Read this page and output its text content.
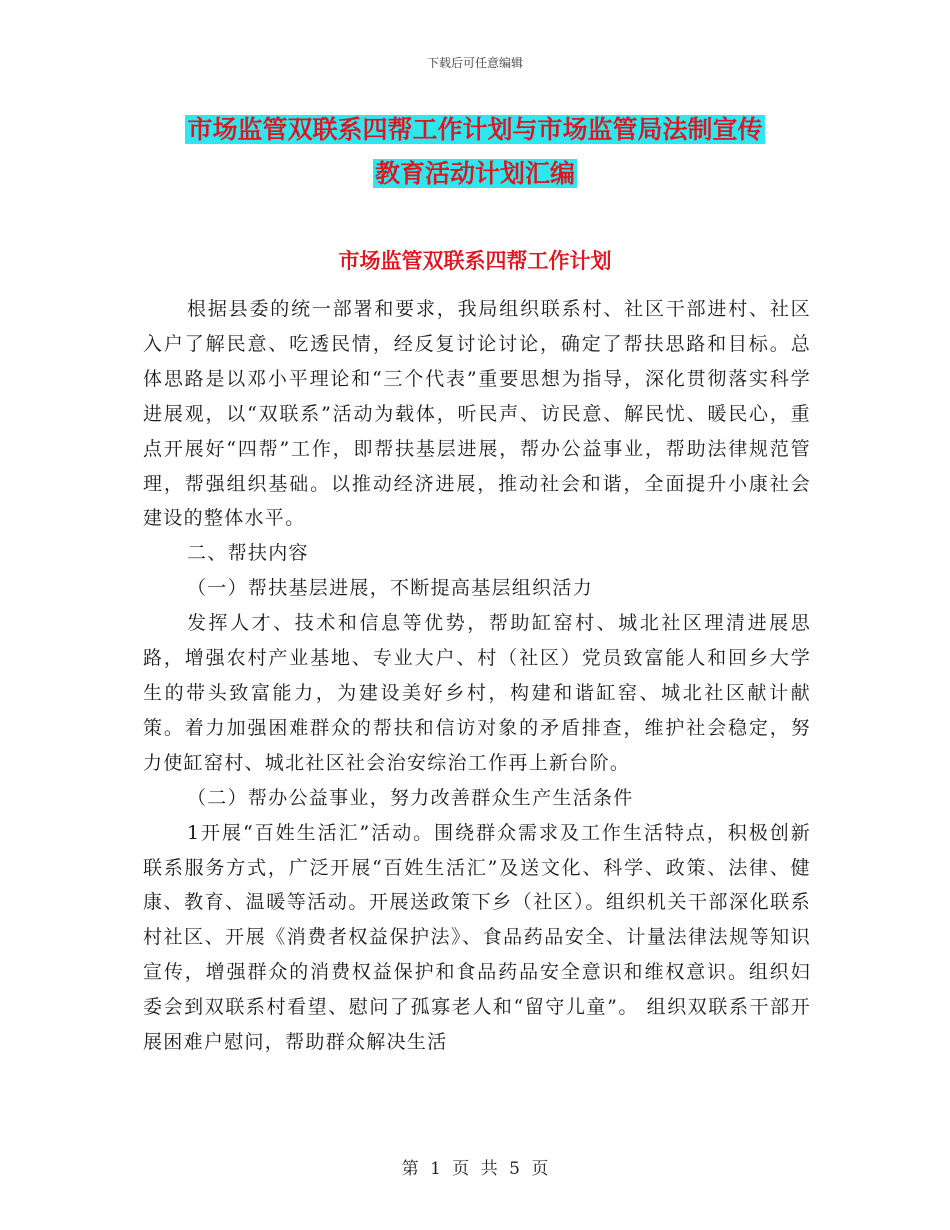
下载后可任意编辑
市场监管双联系四帮工作计划与市场监管局法制宣传
教育活动计划汇编
市场监管双联系四帮工作计划

根据县委的统一部署和要求，我局组织联系村、社区干部进村、社区入户了解民意、吃透民情，经反复讨论讨论，确定了帮扶思路和目标。总体思路是以邓小平理论和“三个代表”重要思想为指导，深化贯彻落实科学进展观，以“双联系”活动为载体，听民声、访民意、解民忧、暖民心，重点开展好“四帮”工作，即帮扶基层进展，帮办公益事业，帮助法律规范管理，帮强组织基础。以推动经济进展，推动社会和谐，全面提升小康社会建设的整体水平。

二、帮扶内容

（一）帮扶基层进展，不断提高基层组织活力

发挥人才、技术和信息等优势，帮助缸窑村、城北社区理清进展思路，增强农村产业基地、专业大户、村（社区）党员致富能人和回乡大学生的带头致富能力，为建设美好乡村，构建和谐缸窑、城北社区献计献策。着力加强困难群众的帮扶和信访对象的矛盾排查，维护社会稳定，努力使缸窑村、城北社区社会治安综治工作再上新台阶。

（二）帮办公益事业，努力改善群众生产生活条件

1开展“百姓生活汇”活动。围绕群众需求及工作生活特点，积极创新联系服务方式，广泛开展“百姓生活汇”及送文化、科学、政策、法律、健康、教育、温暖等活动。开展送政策下乡（社区）。组织机关干部深化联系村社区、开展《消费者权益保护法》、食品药品安全、计量法律法规等知识宣传，增强群众的消费权益保护和食品药品安全意识和维权意识。组织妇委会到双联系村看望、慰问了孤寡老人和“留守儿童”。 组织双联系干部开展困难户慰问，帮助群众解决生活

第 1 页 共 5 页
